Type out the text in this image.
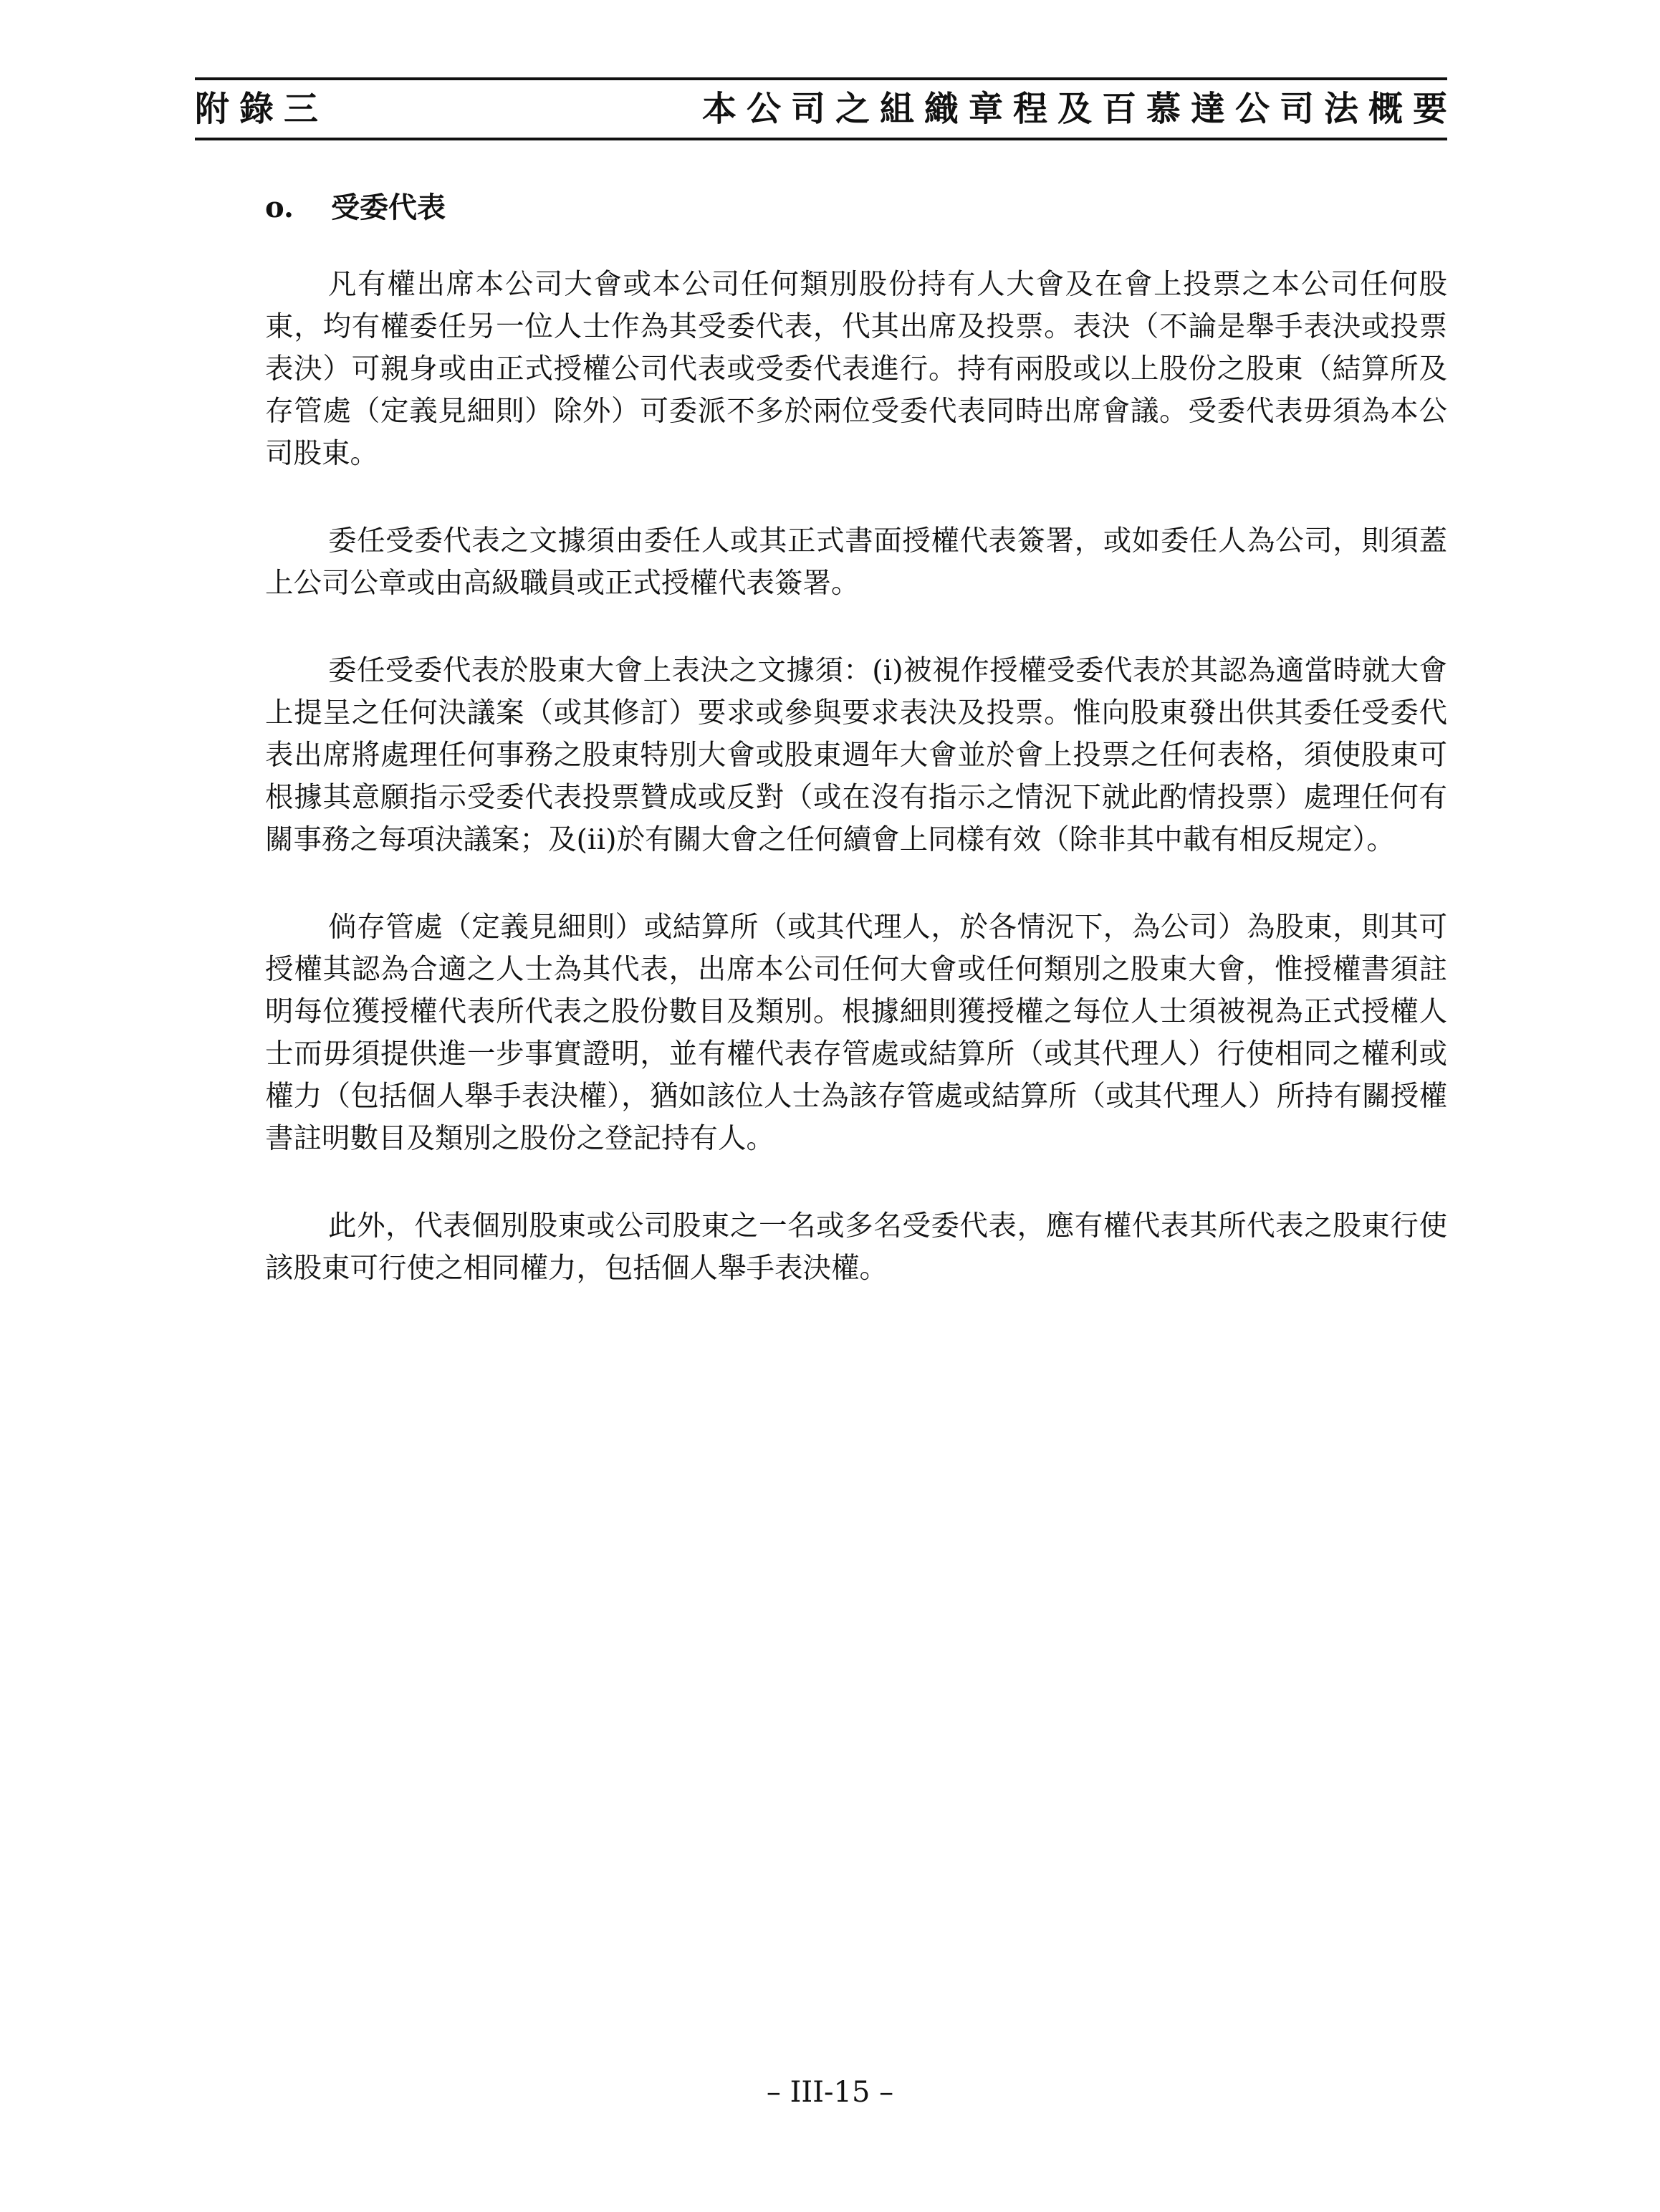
附錄三	本公司之組織章程及百慕達公司法概要
o. 受委代表

凡有權出席本公司大會或本公司任何類別股份持有人大會及在會上投票之本公司任何股東，均有權委任另一位人士作為其受委代表，代其出席及投票。表決（不論是舉手表決或投票表決）可親身或由正式授權公司代表或受委代表進行。持有兩股或以上股份之股東（結算所及存管處（定義見細則）除外）可委派不多於兩位受委代表同時出席會議。受委代表毋須為本公司股東。

委任受委代表之文據須由委任人或其正式書面授權代表簽署，或如委任人為公司，則須蓋上公司公章或由高級職員或正式授權代表簽署。

委任受委代表於股東大會上表決之文據須：(i)被視作授權受委代表於其認為適當時就大會上提呈之任何決議案（或其修訂）要求或參與要求表決及投票。惟向股東發出供其委任受委代表出席將處理任何事務之股東特別大會或股東週年大會並於會上投票之任何表格，須使股東可根據其意願指示受委代表投票贊成或反對（或在沒有指示之情況下就此酌情投票）處理任何有關事務之每項決議案；及(ii)於有關大會之任何續會上同樣有效（除非其中載有相反規定）。

倘存管處（定義見細則）或結算所（或其代理人，於各情況下，為公司）為股東，則其可授權其認為合適之人士為其代表，出席本公司任何大會或任何類別之股東大會，惟授權書須註明每位獲授權代表所代表之股份數目及類別。根據細則獲授權之每位人士須被視為正式授權人士而毋須提供進一步事實證明，並有權代表存管處或結算所（或其代理人）行使相同之權利或權力（包括個人舉手表決權），猶如該位人士為該存管處或結算所（或其代理人）所持有關授權書註明數目及類別之股份之登記持有人。

此外，代表個別股東或公司股東之一名或多名受委代表，應有權代表其所代表之股東行使該股東可行使之相同權力，包括個人舉手表決權。

– III-15 –
